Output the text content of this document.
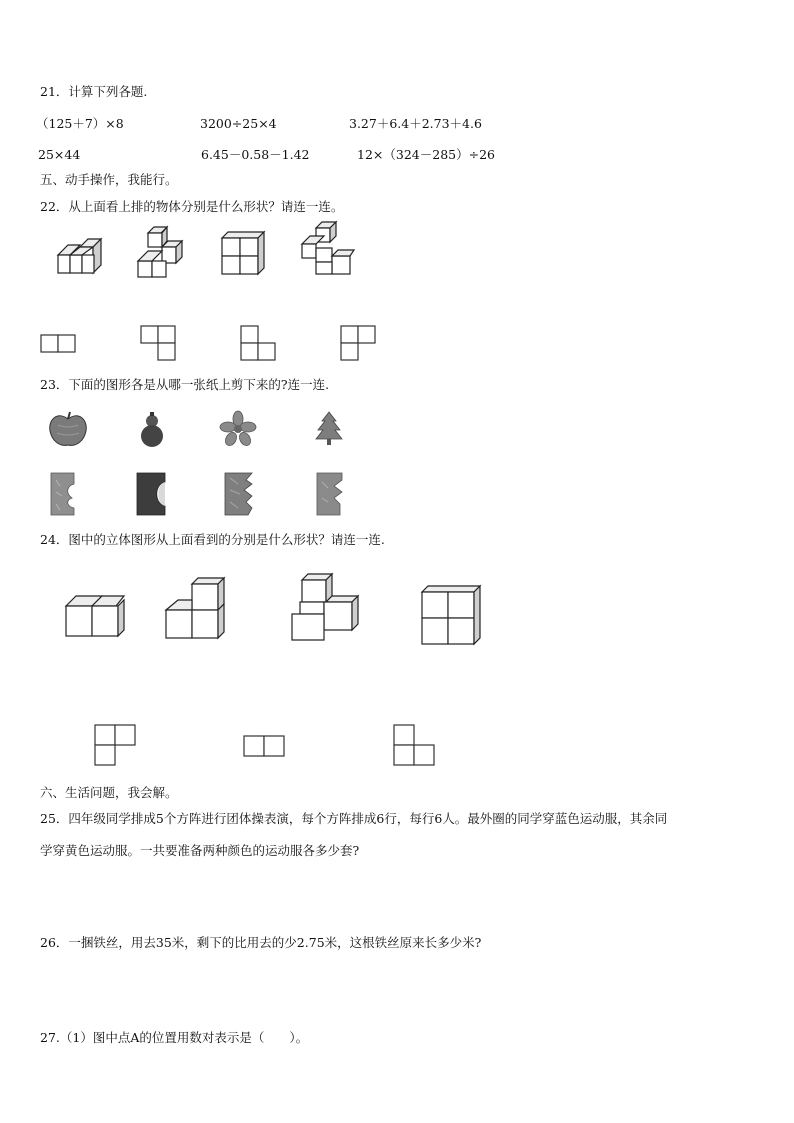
21．计算下列各题.
（125＋7）×8	3200÷25×4	3.27＋6.4＋2.73＋4.6
25×44	6.45－0.58－1.42	12×（324－285）÷26
五、动手操作，我能行。
22．从上面看上排的物体分别是什么形状？请连一连。
23．下面的图形各是从哪一张纸上剪下来的?连一连.
24．图中的立体图形从上面看到的分别是什么形状？请连一连.
六、生活问题，我会解。
25．四年级同学排成5个方阵进行团体操表演，每个方阵排成6行，每行6人。最外圈的同学穿蓝色运动服，其余同
学穿黄色运动服。一共要准备两种颜色的运动服各多少套?
26．一捆铁丝，用去35米，剩下的比用去的少2.75米，这根铁丝原来长多少米?
27.（1）图中点A的位置用数对表示是（　　）。
